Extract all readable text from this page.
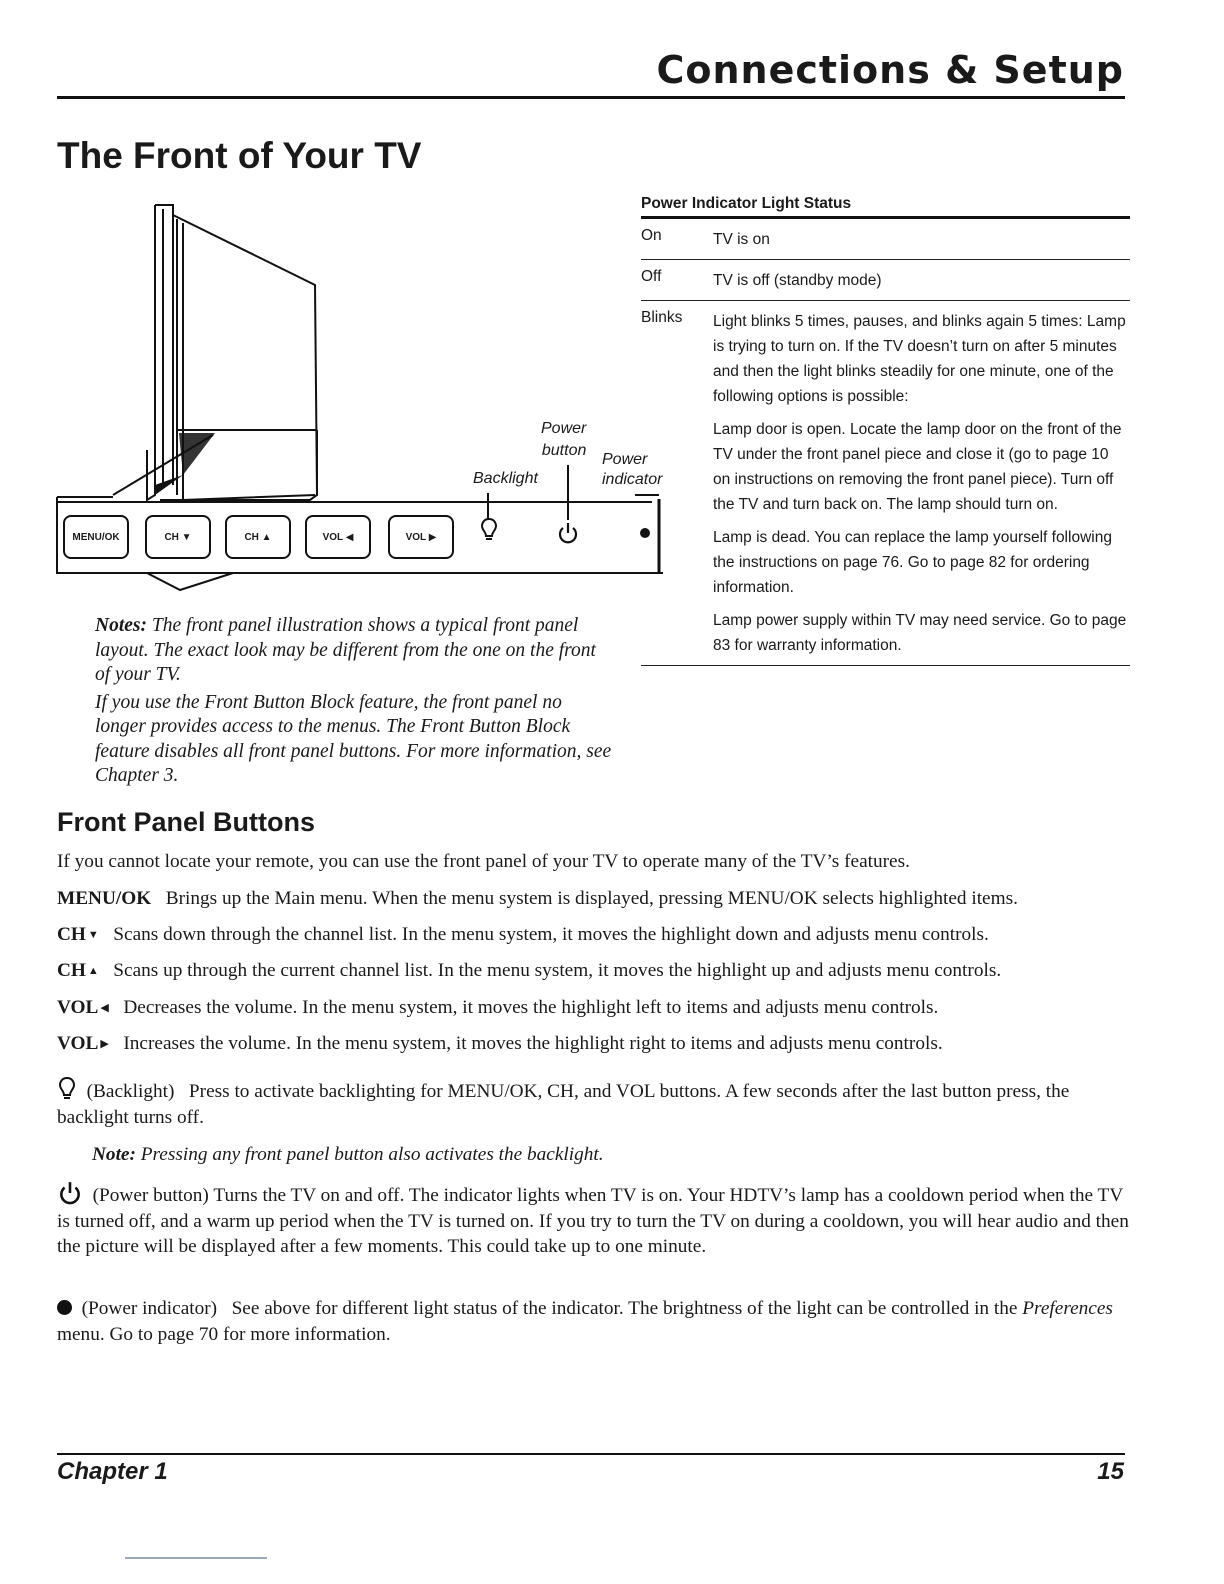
Connections & Setup
The Front of Your TV
MENU/OK	CH ▼	CH ▲	VOL ◀	VOL ▶
Power
button
Power
indicator
Backlight
Power Indicator Light Status
On	TV is on

Off	TV is off (standby mode)

Blinks	Light blinks 5 times, pauses, and blinks again 5 times: Lamp is trying to turn on. If the TV doesn’t turn on after 5 minutes and then the light blinks steadily for one minute, one of the following options is possible:

Lamp door is open. Locate the lamp door on the front of the TV under the front panel piece and close it (go to page 10 on instructions on removing the front panel piece). Turn off the TV and turn back on. The lamp should turn on.

Lamp is dead. You can replace the lamp yourself following the instructions on page 76. Go to page 82 for ordering information.

Lamp power supply within TV may need service. Go to page 83 for warranty information.

Notes: The front panel illustration shows a typical front panel layout. The exact look may be different from the one on the front of your TV.

If you use the Front Button Block feature, the front panel no longer provides access to the menus. The Front Button Block feature disables all front panel buttons. For more information, see Chapter 3.

Front Panel Buttons
If you cannot locate your remote, you can use the front panel of your TV to operate many of the TV’s features.
MENU/OK Brings up the Main menu. When the menu system is displayed, pressing MENU/OK selects highlighted items.
CH ▼ Scans down through the channel list. In the menu system, it moves the highlight down and adjusts menu controls.
CH ▲ Scans up through the current channel list. In the menu system, it moves the highlight up and adjusts menu controls.
VOL ◀ Decreases the volume. In the menu system, it moves the highlight left to items and adjusts menu controls.
VOL ▶ Increases the volume. In the menu system, it moves the highlight right to items and adjusts menu controls.
(Backlight) Press to activate backlighting for MENU/OK, CH, and VOL buttons. A few seconds after the last button press, the backlight turns off.
Note: Pressing any front panel button also activates the backlight.
(Power button) Turns the TV on and off. The indicator lights when TV is on. Your HDTV’s lamp has a cooldown period when the TV is turned off, and a warm up period when the TV is turned on. If you try to turn the TV on during a cooldown, you will hear audio and then the picture will be displayed after a few moments. This could take up to one minute.
(Power indicator) See above for different light status of the indicator. The brightness of the light can be controlled in the Preferences menu. Go to page 70 for more information.
Chapter 1	15
